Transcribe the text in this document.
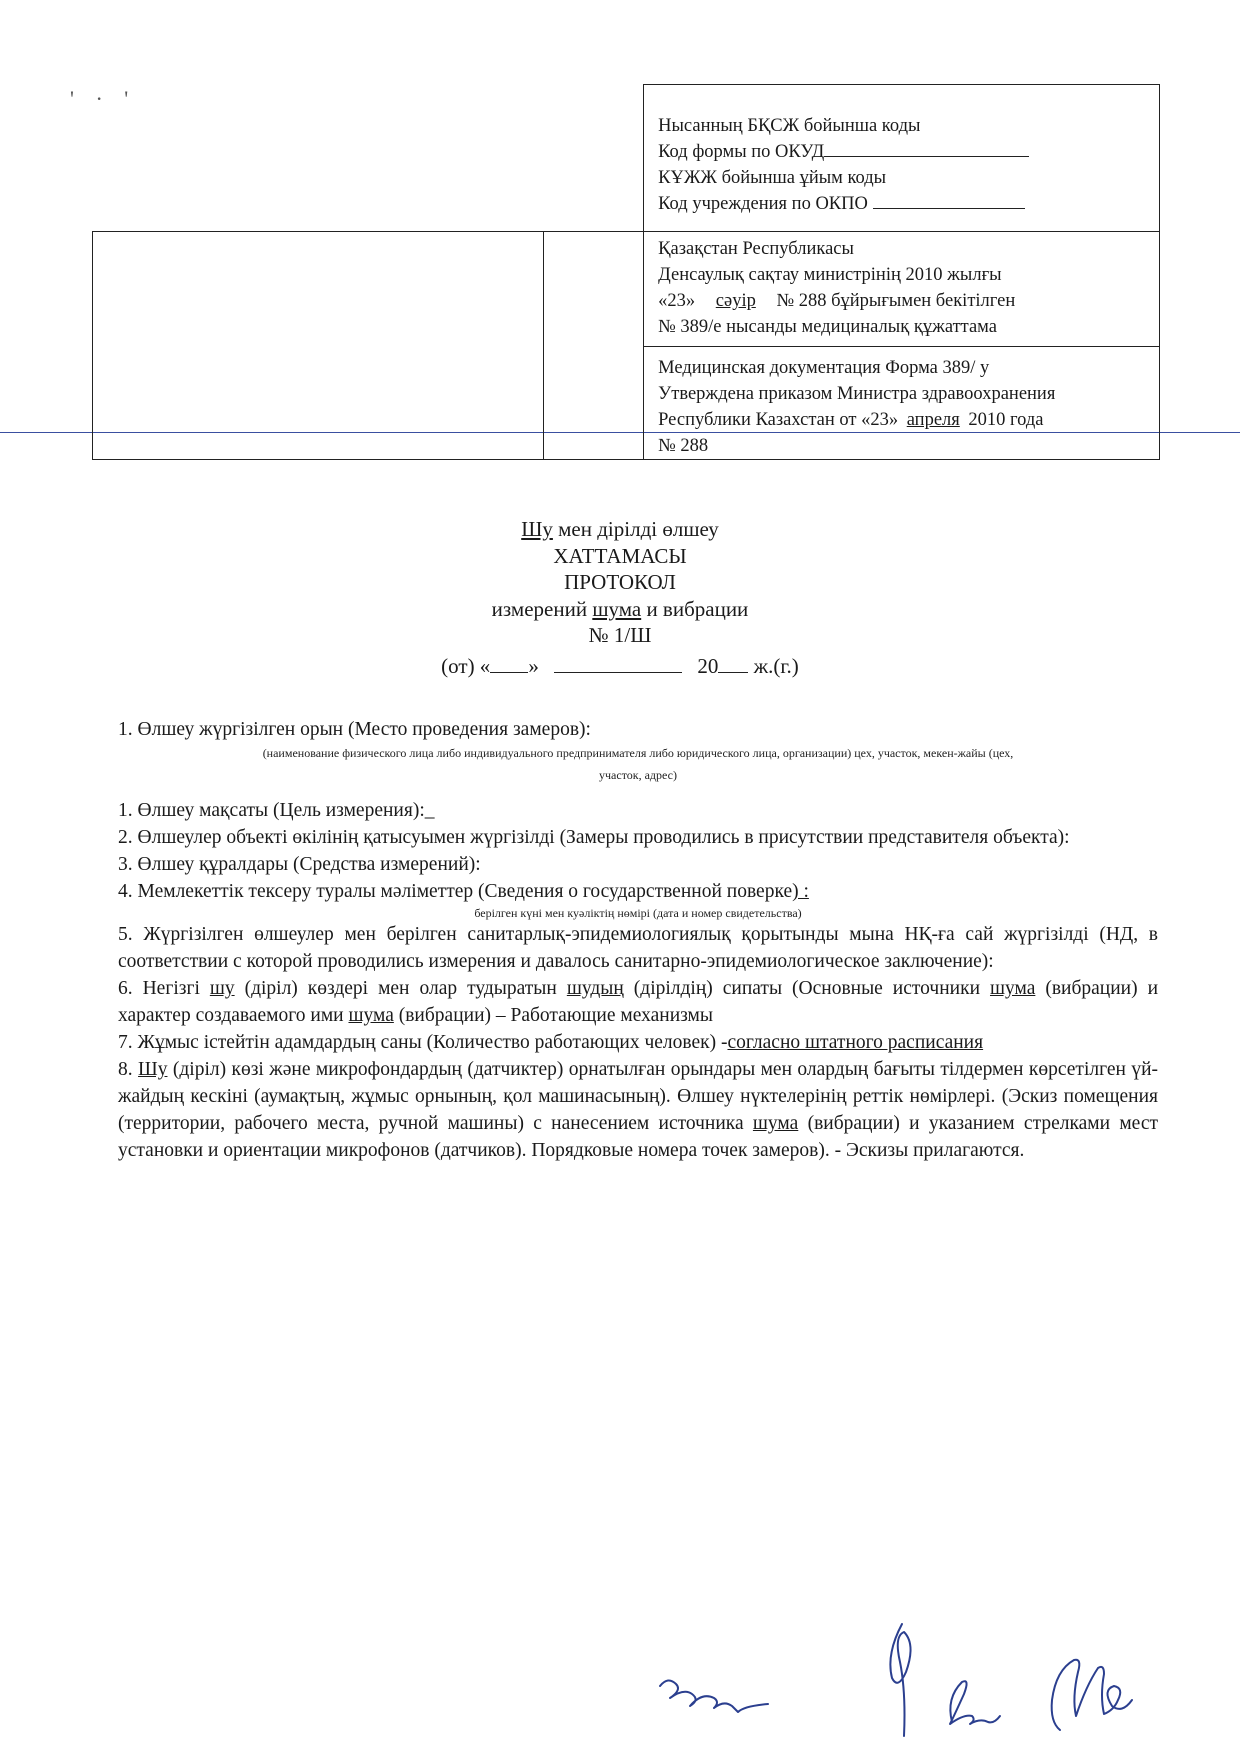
' · '

		Нысанның БҚСЖ бойынша коды
Код формы по ОКУД
КҰЖЖ бойынша ұйым коды
Код учреждения по ОКПО

		Қазақстан Республикасы
Денсаулық сақтау министрінің 2010 жылғы
«23» сәуір № 288 бұйрығымен бекітілген
№ 389/е нысанды медициналық құжаттама

		Медицинская документация Форма 389/ у
Утверждена приказом Министра здравоохранения
Республики Казахстан от «23» апреля 2010 года
№ 288
Шу мен дірілді өлшеу
ХАТТАМАСЫ
ПРОТОКОЛ
измерений шума и вибрации
№ 1/Ш
(от) « »	20 ж.(г.)

1. Өлшеу жүргізілген орын (Место проведения замеров):

(наименование физического лица либо индивидуального предпринимателя либо юридического лица, организации) цех, участок, мекен-жайы (цех,
участок, адрес)

1. Өлшеу мақсаты (Цель измерения):_

2. Өлшеулер объекті өкілінің қатысуымен жүргізілді (Замеры проводились в присутствии представителя объекта):

3. Өлшеу құралдары (Средства измерений):

4. Мемлекеттік тексеру туралы мәліметтер (Сведения о государственной поверке) :

берілген күні мен куәліктің нөмірі (дата и номер свидетельства)

5. Жүргізілген өлшеулер мен берілген санитарлық-эпидемиологиялық қорытынды мына НҚ-ға сай жүргізілді (НД, в соответствии с которой проводились измерения и давалось санитарно-эпидемиологическое заключение):

6. Негізгі шу (діріл) көздері мен олар тудыратын шудың (дірілдің) сипаты (Основные источники шума (вибрации) и характер создаваемого ими шума (вибрации) – Работающие механизмы

7. Жұмыс істейтін адамдардың саны (Количество работающих человек) -согласно штатного расписания

8. Шу (діріл) көзі және микрофондардың (датчиктер) орнатылған орындары мен олардың бағыты тілдермен көрсетілген үй-жайдың кескіні (аумақтың, жұмыс орнының, қол машинасының). Өлшеу нүктелерінің реттік нөмірлері. (Эскиз помещения (территории, рабочего места, ручной машины) с нанесением источника шума (вибрации) и указанием стрелками мест установки и ориентации микрофонов (датчиков). Порядковые номера точек замеров). - Эскизы прилагаются.
